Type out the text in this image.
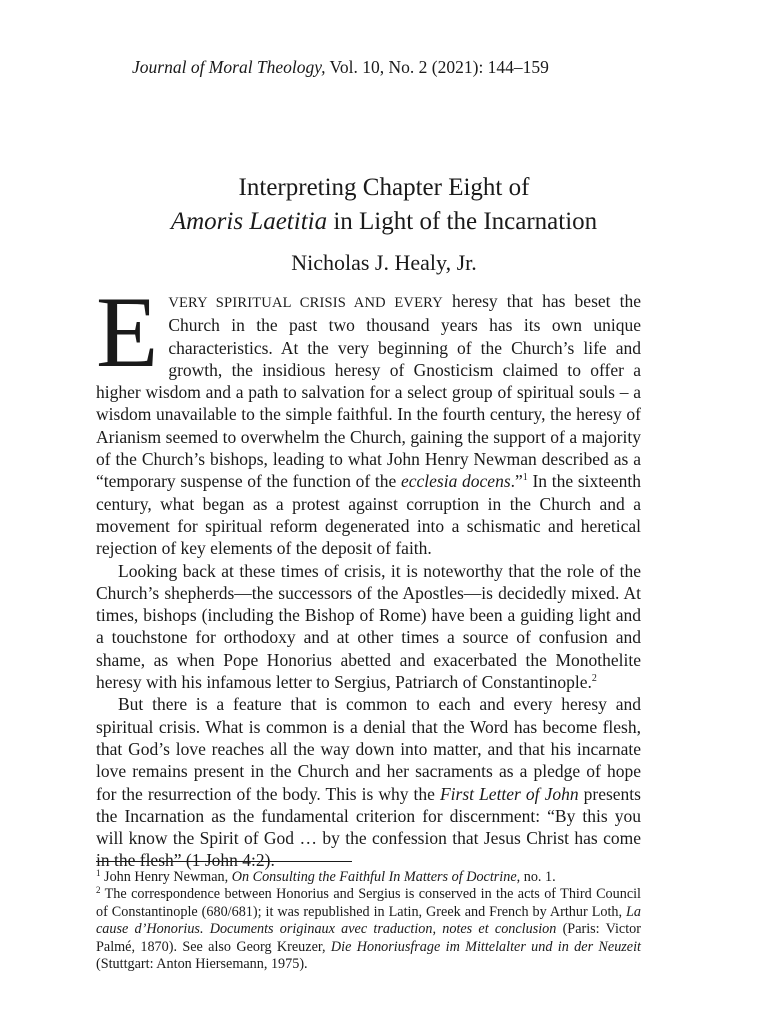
Journal of Moral Theology, Vol. 10, No. 2 (2021): 144–159
Interpreting Chapter Eight of
Amoris Laetitia in Light of the Incarnation
Nicholas J. Healy, Jr.

EVERY SPIRITUAL CRISIS AND EVERY heresy that has beset the Church in the past two thousand years has its own unique characteristics. At the very beginning of the Church’s life and growth, the insidious heresy of Gnosticism claimed to offer a higher wisdom and a path to salvation for a select group of spiritual souls – a wisdom unavailable to the simple faithful. In the fourth century, the heresy of Arianism seemed to overwhelm the Church, gaining the support of a majority of the Church’s bishops, leading to what John Henry Newman described as a “temporary suspense of the function of the ecclesia docens.”$^1$ In the sixteenth century, what began as a protest against corruption in the Church and a movement for spiritual reform degenerated into a schismatic and heretical rejection of key elements of the deposit of faith.

Looking back at these times of crisis, it is noteworthy that the role of the Church’s shepherds—the successors of the Apostles—is decidedly mixed. At times, bishops (including the Bishop of Rome) have been a guiding light and a touchstone for orthodoxy and at other times a source of confusion and shame, as when Pope Honorius abetted and exacerbated the Monothelite heresy with his infamous letter to Sergius, Patriarch of Constantinople.$^2$

But there is a feature that is common to each and every heresy and spiritual crisis. What is common is a denial that the Word has become flesh, that God’s love reaches all the way down into matter, and that his incarnate love remains present in the Church and her sacraments as a pledge of hope for the resurrection of the body. This is why the First Letter of John presents the Incarnation as the fundamental criterion for discernment: “By this you will know the Spirit of God … by the confession that Jesus Christ has come in the flesh” (1 John 4:2).

$^1$ John Henry Newman, On Consulting the Faithful In Matters of Doctrine, no. 1.

$^2$ The correspondence between Honorius and Sergius is conserved in the acts of Third Council of Constantinople (680/681); it was republished in Latin, Greek and French by Arthur Loth, La cause d’Honorius. Documents originaux avec traduction, notes et conclusion (Paris: Victor Palmé, 1870). See also Georg Kreuzer, Die Honoriusfrage im Mittelalter und in der Neuzeit (Stuttgart: Anton Hiersemann, 1975).
